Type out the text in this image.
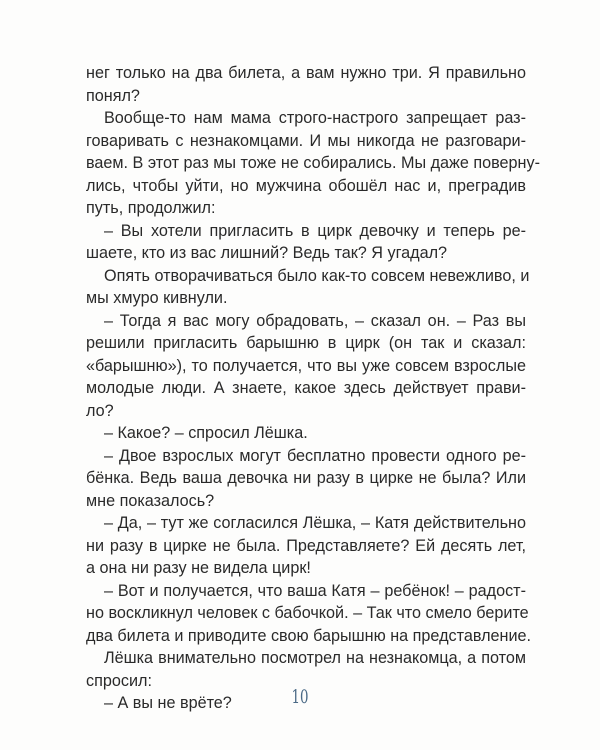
нег только на два билета, а вам нужно три. Я правильно
понял?
Вообще-то нам мама строго-настрого запрещает раз-
говаривать с незнакомцами. И мы никогда не разговари-
ваем. В этот раз мы тоже не собирались. Мы даже поверну-
лись, чтобы уйти, но мужчина обошёл нас и, преградив
путь, продолжил:
– Вы хотели пригласить в цирк девочку и теперь ре-
шаете, кто из вас лишний? Ведь так? Я угадал?
Опять отворачиваться было как-то совсем невежливо, и
мы хмуро кивнули.
– Тогда я вас могу обрадовать, – сказал он. – Раз вы
решили пригласить барышню в цирк (он так и сказал:
«барышню»), то получается, что вы уже совсем взрослые
молодые люди. А знаете, какое здесь действует прави-
ло?
– Какое? – спросил Лёшка.
– Двое взрослых могут бесплатно провести одного ре-
бёнка. Ведь ваша девочка ни разу в цирке не была? Или
мне показалось?
– Да, – тут же согласился Лёшка, – Катя действительно
ни разу в цирке не была. Представляете? Ей десять лет,
а она ни разу не видела цирк!
– Вот и получается, что ваша Катя – ребёнок! – радост-
но воскликнул человек с бабочкой. – Так что смело берите
два билета и приводите свою барышню на представление.
Лёшка внимательно посмотрел на незнакомца, а потом
спросил:
– А вы не врёте?	10
